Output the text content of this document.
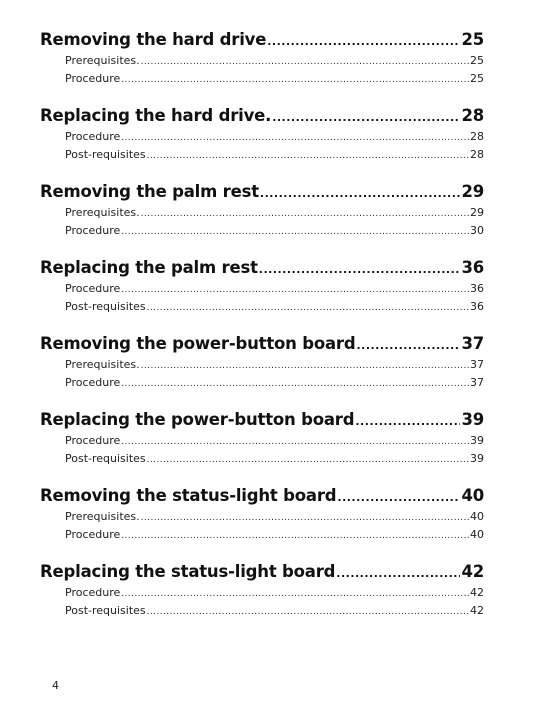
Removing the hard drive .....	25
Prerequisites. .....	25
Procedure .....	25
Replacing the hard drive. .....	28
Procedure .....	28
Post-requisites .....	28
Removing the palm rest .....	29
Prerequisites. .....	29
Procedure .....	30
Replacing the palm rest .....	36
Procedure .....	36
Post-requisites .....	36
Removing the power-button board .....	37
Prerequisites. .....	37
Procedure .....	37
Replacing the power-button board .....	39
Procedure .....	39
Post-requisites .....	39
Removing the status-light board .....	40
Prerequisites. .....	40
Procedure .....	40
Replacing the status-light board .....	42
Procedure .....	42
Post-requisites .....	42
4
